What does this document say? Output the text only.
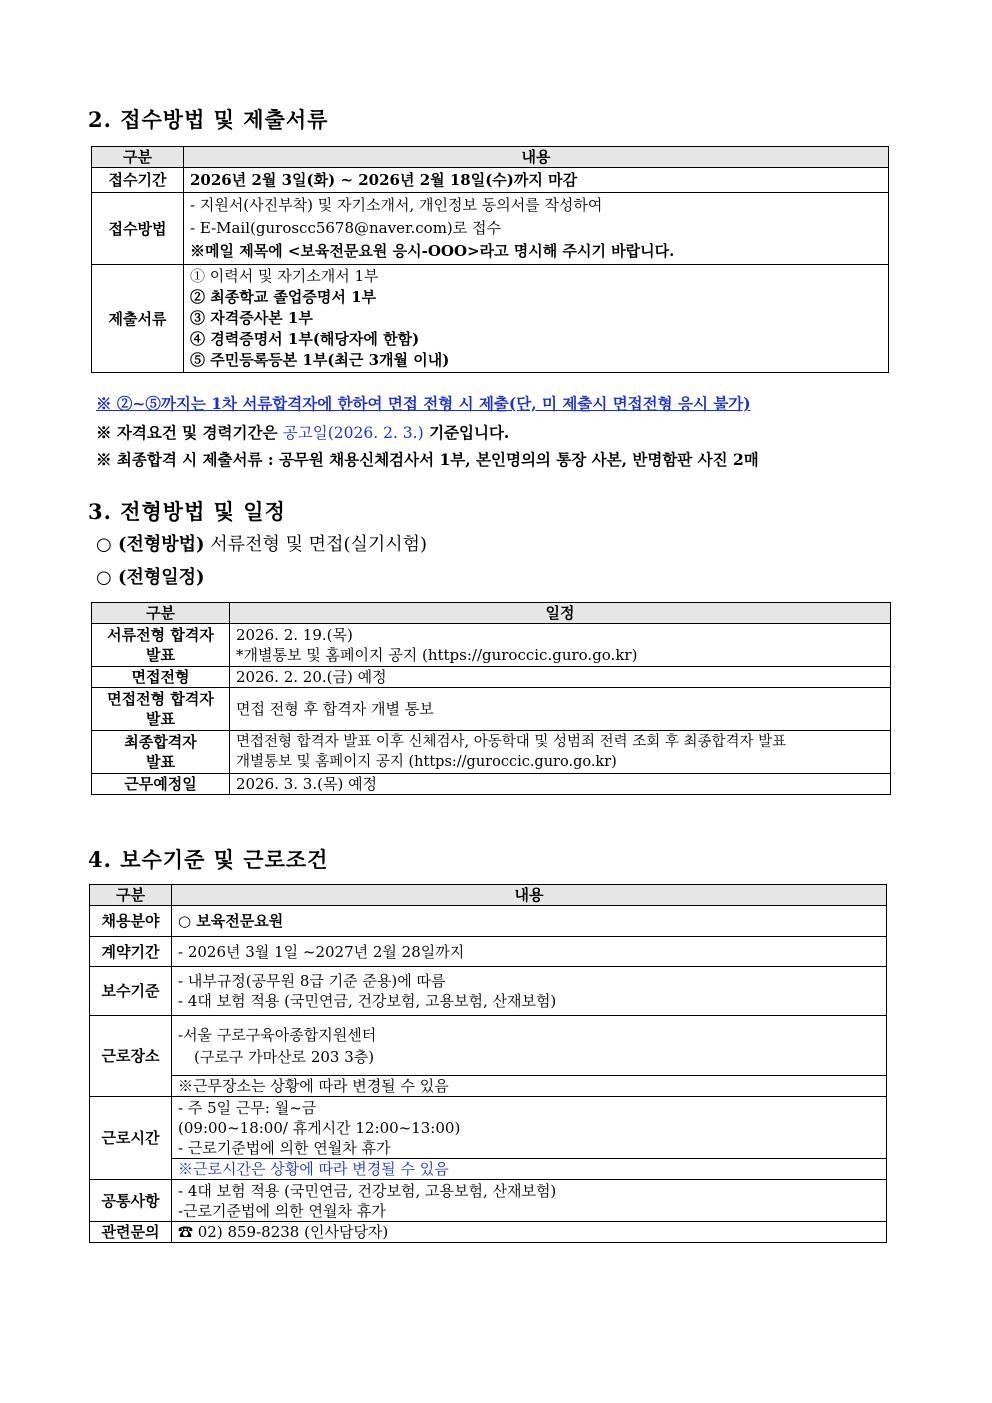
2. 접수방법 및 제출서류
구분	내용
접수기간	2026년 2월 3일(화) ~ 2026년 2월 18일(수)까지 마감
접수방법	- 지원서(사진부착) 및 자기소개서, 개인정보 동의서를 작성하여
- E-Mail(guroscc5678@naver.com)로 접수
※메일 제목에 <보육전문요원 응시-OOO>라고 명시해 주시기 바랍니다.

제출서류	① 이력서 및 자기소개서 1부
② 최종학교 졸업증명서 1부
③ 자격증사본 1부
④ 경력증명서 1부(해당자에 한함)
⑤ 주민등록등본 1부(최근 3개월 이내)
※ ②~⑤까지는 1차 서류합격자에 한하여 면접 전형 시 제출(단, 미 제출시 면접전형 응시 불가)
※ 자격요건 및 경력기간은 공고일(2026. 2. 3.) 기준입니다.
※ 최종합격 시 제출서류 : 공무원 채용신체검사서 1부, 본인명의의 통장 사본, 반명함판 사진 2매
3. 전형방법 및 일정
○ (전형방법) 서류전형 및 면접(실기시험)
○ (전형일정)
구분	일정

서류전형 합격자
발표	2026. 2. 19.(목)
*개별통보 및 홈페이지 공지 (https://guroccic.guro.go.kr)

면접전형	2026. 2. 20.(금) 예정

면접전형 합격자
발표	면접 전형 후 합격자 개별 통보

최종합격자
발표	면접전형 합격자 발표 이후 신체검사, 아동학대 및 성범죄 전력 조회 후 최종합격자 발표
개별통보 및 홈페이지 공지 (https://guroccic.guro.go.kr)

근무예정일	2026. 3. 3.(목) 예정
4. 보수기준 및 근로조건
구분	내용
채용분야	○ 보육전문요원
계약기간	- 2026년 3월 1일 ~2027년 2월 28일까지
보수기준	- 내부규정(공무원 8급 기준 준용)에 따름
- 4대 보험 적용 (국민연금, 건강보험, 고용보험, 산재보험)

근로장소	-서울 구로구육아종합지원센터
(구로구 가마산로 203 3층)

	※근무장소는 상황에 따라 변경될 수 있음
근로시간	- 주 5일 근무: 월~금
(09:00~18:00/ 휴게시간 12:00~13:00)
- 근로기준법에 의한 연월차 휴가

	※근로시간은 상황에 따라 변경될 수 있음
공통사항	- 4대 보험 적용 (국민연금, 건강보험, 고용보험, 산재보험)
-근로기준법에 의한 연월차 휴가

관련문의	☎ 02) 859-8238 (인사담당자)
